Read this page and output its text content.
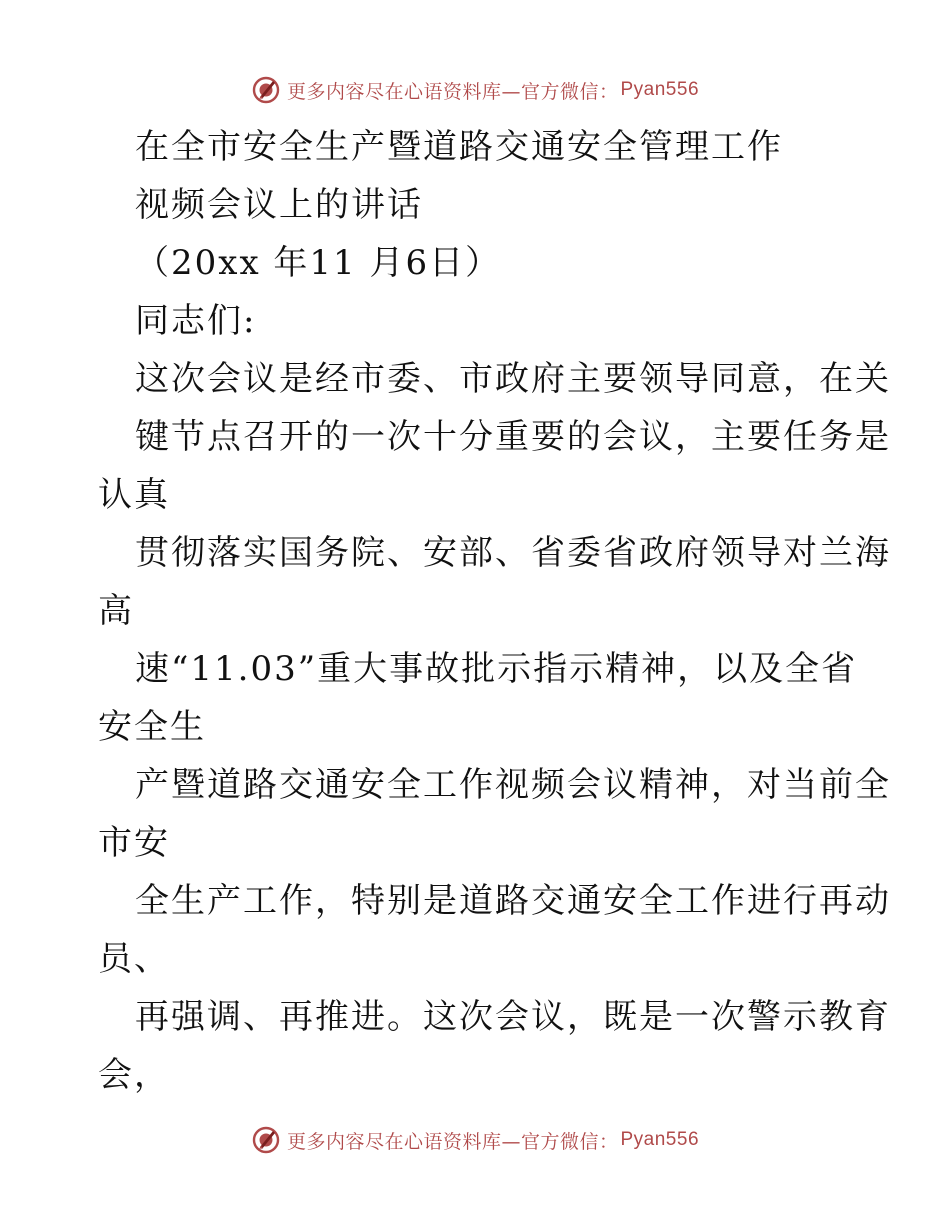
更多内容尽在心语资料库—官方微信： Pyan556
在全市安全生产暨道路交通安全管理工作
视频会议上的讲话
（20xx 年11 月6日）
同志们:
这次会议是经市委、市政府主要领导同意，在关
键节点召开的一次十分重要的会议，主要任务是
认真
贯彻落实国务院、安部、省委省政府领导对兰海
高
速“11.03”重大事故批示指示精神，以及全省
安全生
产暨道路交通安全工作视频会议精神，对当前全
市安
全生产工作，特别是道路交通安全工作进行再动
员、
再强调、再推进。这次会议，既是一次警示教育
会，
更多内容尽在心语资料库—官方微信： Pyan556
